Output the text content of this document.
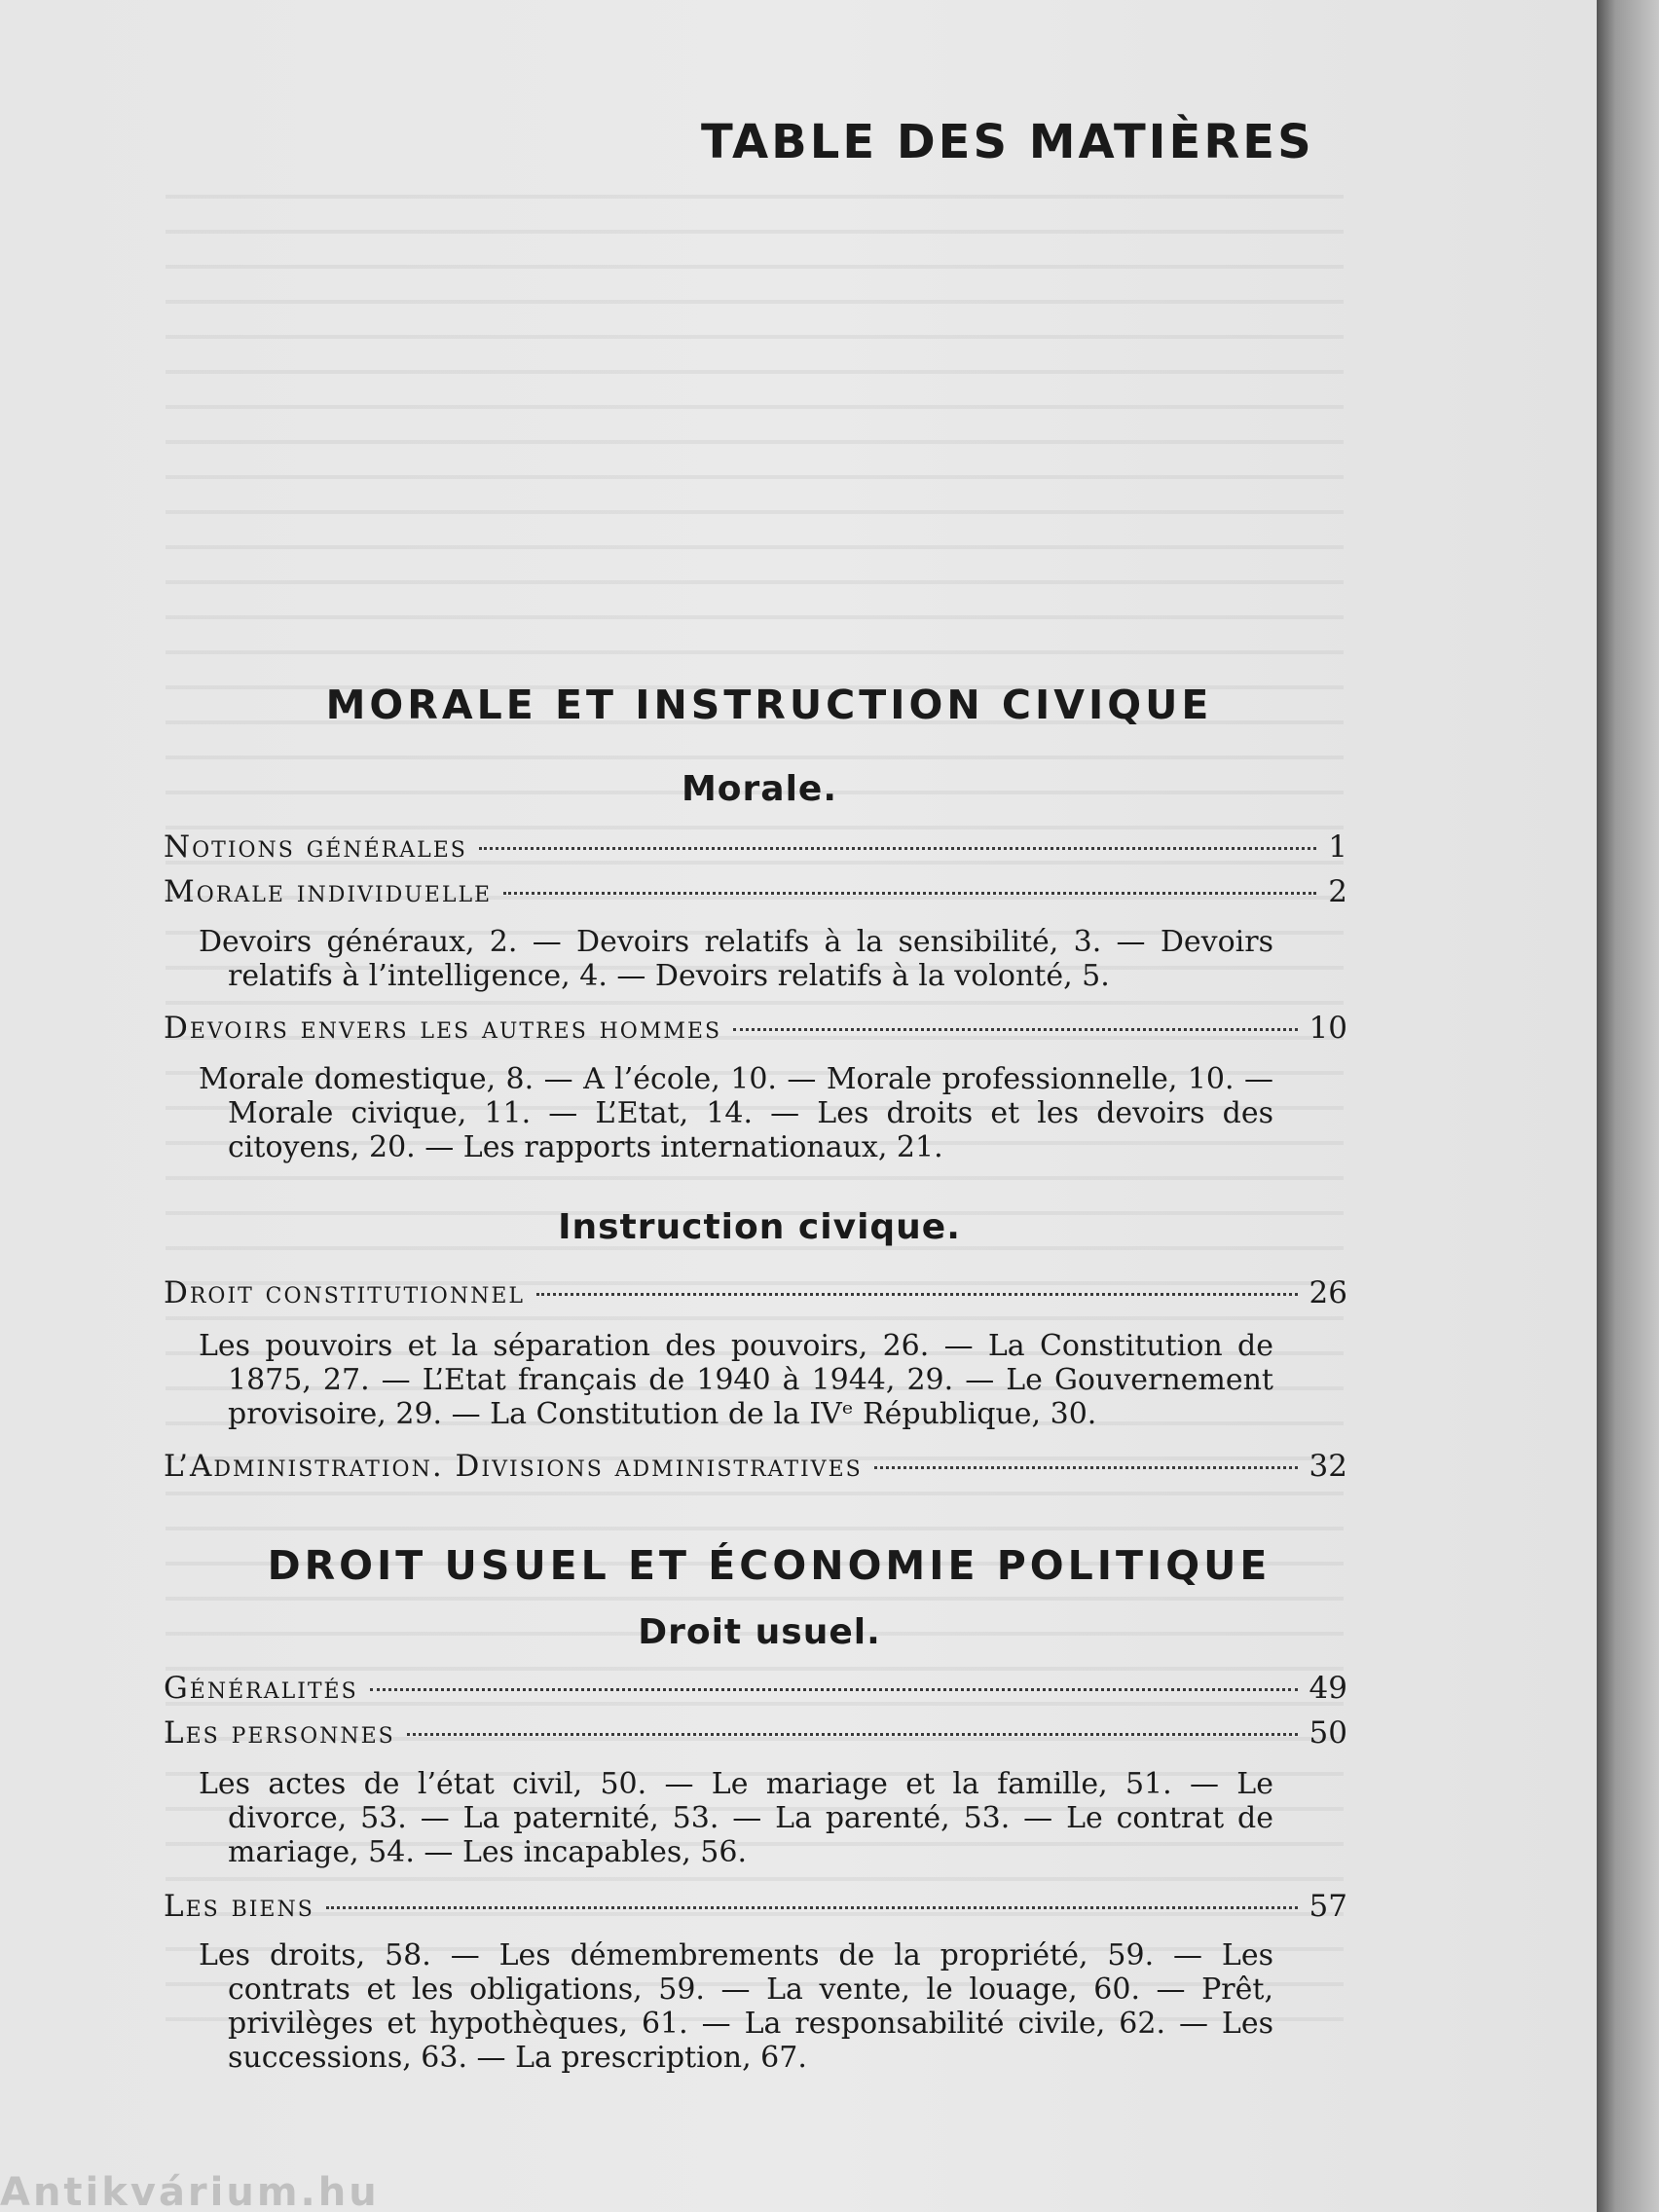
TABLE DES MATIÈRES
MORALE ET INSTRUCTION CIVIQUE
Morale.
Notions générales	1
Morale individuelle	2

Devoirs généraux, 2. — Devoirs relatifs à la sensibilité, 3. — Devoirs relatifs à l’intelligence, 4. — Devoirs relatifs à la volonté, 5.

Devoirs envers les autres hommes	10

Morale domestique, 8. — A l’école, 10. — Morale professionnelle, 10. — Morale civique, 11. — L’Etat, 14. — Les droits et les devoirs des citoyens, 20. — Les rapports internationaux, 21.

Instruction civique.
Droit constitutionnel	26

Les pouvoirs et la séparation des pouvoirs, 26. — La Constitution de 1875, 27. — L’Etat français de 1940 à 1944, 29. — Le Gouvernement provisoire, 29. — La Constitution de la IVᵉ République, 30.

L’Administration. Divisions administratives	32
DROIT USUEL ET ÉCONOMIE POLITIQUE
Droit usuel.
Généralités	49
Les personnes	50

Les actes de l’état civil, 50. — Le mariage et la famille, 51. — Le divorce, 53. — La paternité, 53. — La parenté, 53. — Le contrat de mariage, 54. — Les incapables, 56.

Les biens	57

Les droits, 58. — Les démembrements de la propriété, 59. — Les contrats et les obligations, 59. — La vente, le louage, 60. — Prêt, privilèges et hypothèques, 61. — La responsabilité civile, 62. — Les successions, 63. — La prescription, 67.

Antikvárium.hu
